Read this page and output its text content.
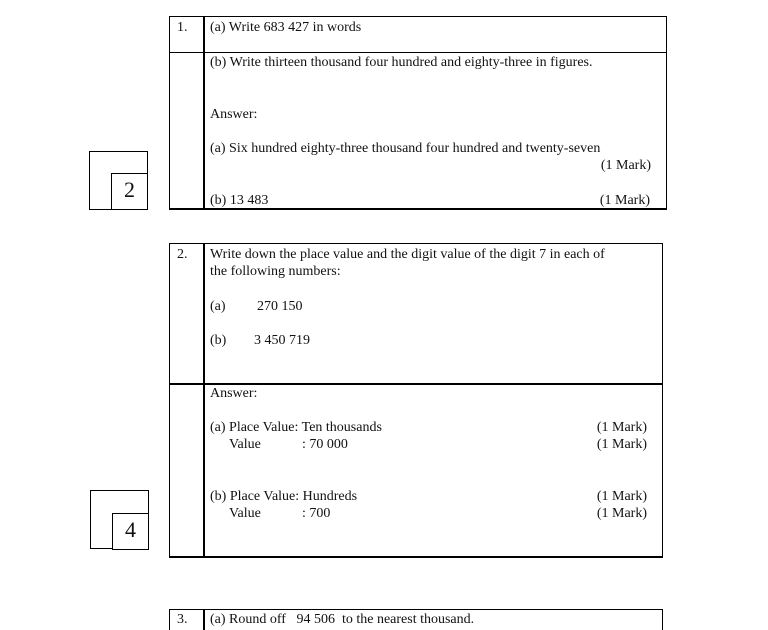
1. (a) Write 683 427 in words
(b) Write thirteen thousand four hundred and eighty-three in figures.
Answer:
(a) Six hundred eighty-three thousand four hundred and twenty-seven
(1 Mark)
(b) 13 483	(1 Mark)
2
2. Write down the place value and the digit value of the digit 7 in each of
the following numbers:
(a) 270 150
(b) 3 450 719
Answer:
(a) Place Value: Ten thousands	(1 Mark)
Value	: 70 000	(1 Mark)
(b) Place Value: Hundreds	(1 Mark)
Value	: 700	(1 Mark)
4
3. (a) Round off   94 506  to the nearest thousand.
